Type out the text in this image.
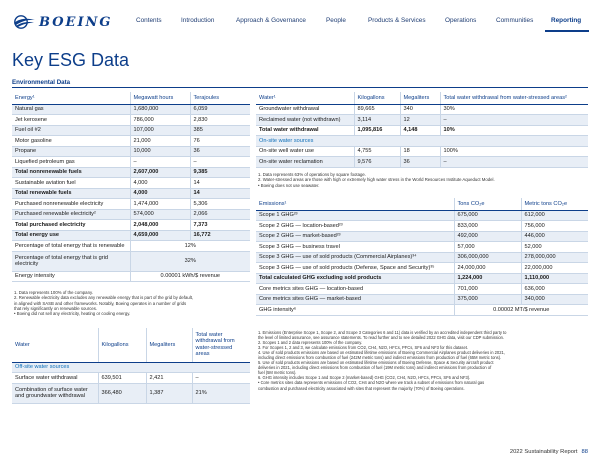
BOEING	Contents	Introduction	Approach & Governance	People	Products & Services	Operations	Communities	Reporting
Key ESG Data
Environmental Data
Energy¹	Megawatt hours	Terajoules
Natural gas	1,680,000	6,059
Jet kerosene	786,000	2,830
Fuel oil #2	107,000	385
Motor gasoline	21,000	76
Propane	10,000	36
Liquefied petroleum gas	–	–
Total nonrenewable fuels	2,607,000	9,385
Sustainable aviation fuel	4,000	14
Total renewable fuels	4,000	14
Purchased nonrenewable electricity	1,474,000	5,306
Purchased renewable electricity²	574,000	2,066
Total purchased electricity	2,048,000	7,373
Total energy use	4,659,000	16,772
Percentage of total energy that is renewable	12%	
Percentage of total energy that is grid electricity	32%	
Energy intensity	0.00001 kWh/$ revenue	
1. Data represents 100% of the company.
2. Renewable electricity data excludes any renewable energy that is part of the grid by default,
in aligned with SASB and other frameworks. Notably, Boeing operates in a number of grids
that rely significantly on renewable sources.
• Boeing did not sell any electricity, heating or cooling energy.
Water	Kilogallons	Megaliters	Total water withdrawal from water-stressed areas
Off-site water sources			
Surface water withdrawal	639,501	2,421	–
Combination of surface water and groundwater withdrawal	366,480	1,387	21%
Water¹	Kilogallons	Megaliters	Total water withdrawal from water-stressed areas²
Groundwater withdrawal	89,665	340	30%
Reclaimed water (not withdrawn)	3,114	12	–
Total water withdrawal	1,095,816	4,148	10%
On-site water sources			
On-site well water use	4,755	18	100%
On-site water reclamation	9,576	36	–
1. Data represents 63% of operations by square footage.
2. Water-stressed areas are those with high or extremely high water stress in the World Resources Institute Aqueduct Model.
• Boeing does not use seawater.
Emissions¹	Tons CO₂e	Metric tons CO₂e
Scope 1 GHG²³	675,000	612,000
Scope 2 GHG — location-based²³	833,000	756,000
Scope 2 GHG — market-based²³	492,000	446,000
Scope 3 GHG — business travel	57,000	52,000
Scope 3 GHG — use of sold products (Commercial Airplanes)³⁴	306,000,000	278,000,000
Scope 3 GHG — use of sold products (Defense, Space and Security)³⁵	24,000,000	22,000,000
Total calculated GHG excluding sold products	1,224,000	1,110,000
Core metrics sites GHG — location-based	701,000	636,000
Core metrics sites GHG — market-based	375,000	340,000
GHG intensity⁶	0.00002 MT/$ revenue	
1. Emissions (Enterprise Scope 1, Scope 2, and Scope 3 Categories 6 and 11) data is verified by an accredited independent third party to
the level of limited assurance, see assurance statements. To read further and to see detailed 2022 GHG data, visit our CDP submission.
2. Scopes 1 and 2 data represents 100% of the company.
3. For Scopes 1, 2 and 3, we calculate emissions from CO2, CH4, N2O, HFCs, PFCs, SF6 and NF3 for this dataset.
4. Use of sold products emissions are based on estimated lifetime emissions of Boeing Commercial Airplanes product deliveries in 2021,
including direct emissions from combustion of fuel (242M metric tons) and indirect emissions from production of fuel (65M metric tons).
5. Use of sold products emissions are based on estimated lifetime emissions of Boeing Defense, Space & Security aircraft product
deliveries in 2021, including direct emissions from combustion of fuel (19M metric tons) and indirect emissions from production of
fuel (5M metric tons).
6. GHG intensity includes Scope 1 and Scope 2 (market-based) GHG (CO2, CH4, N2O, HFCs, PFCs, SF6 and NF3).
• Core metrics sites data represents emissions of CO2, CH4 and N2O where we track a subset of emissions from natural gas
combustion and purchased electricity associated with sites that represent the majority (70%) of Boeing operations.
2022 Sustainability Report 88
